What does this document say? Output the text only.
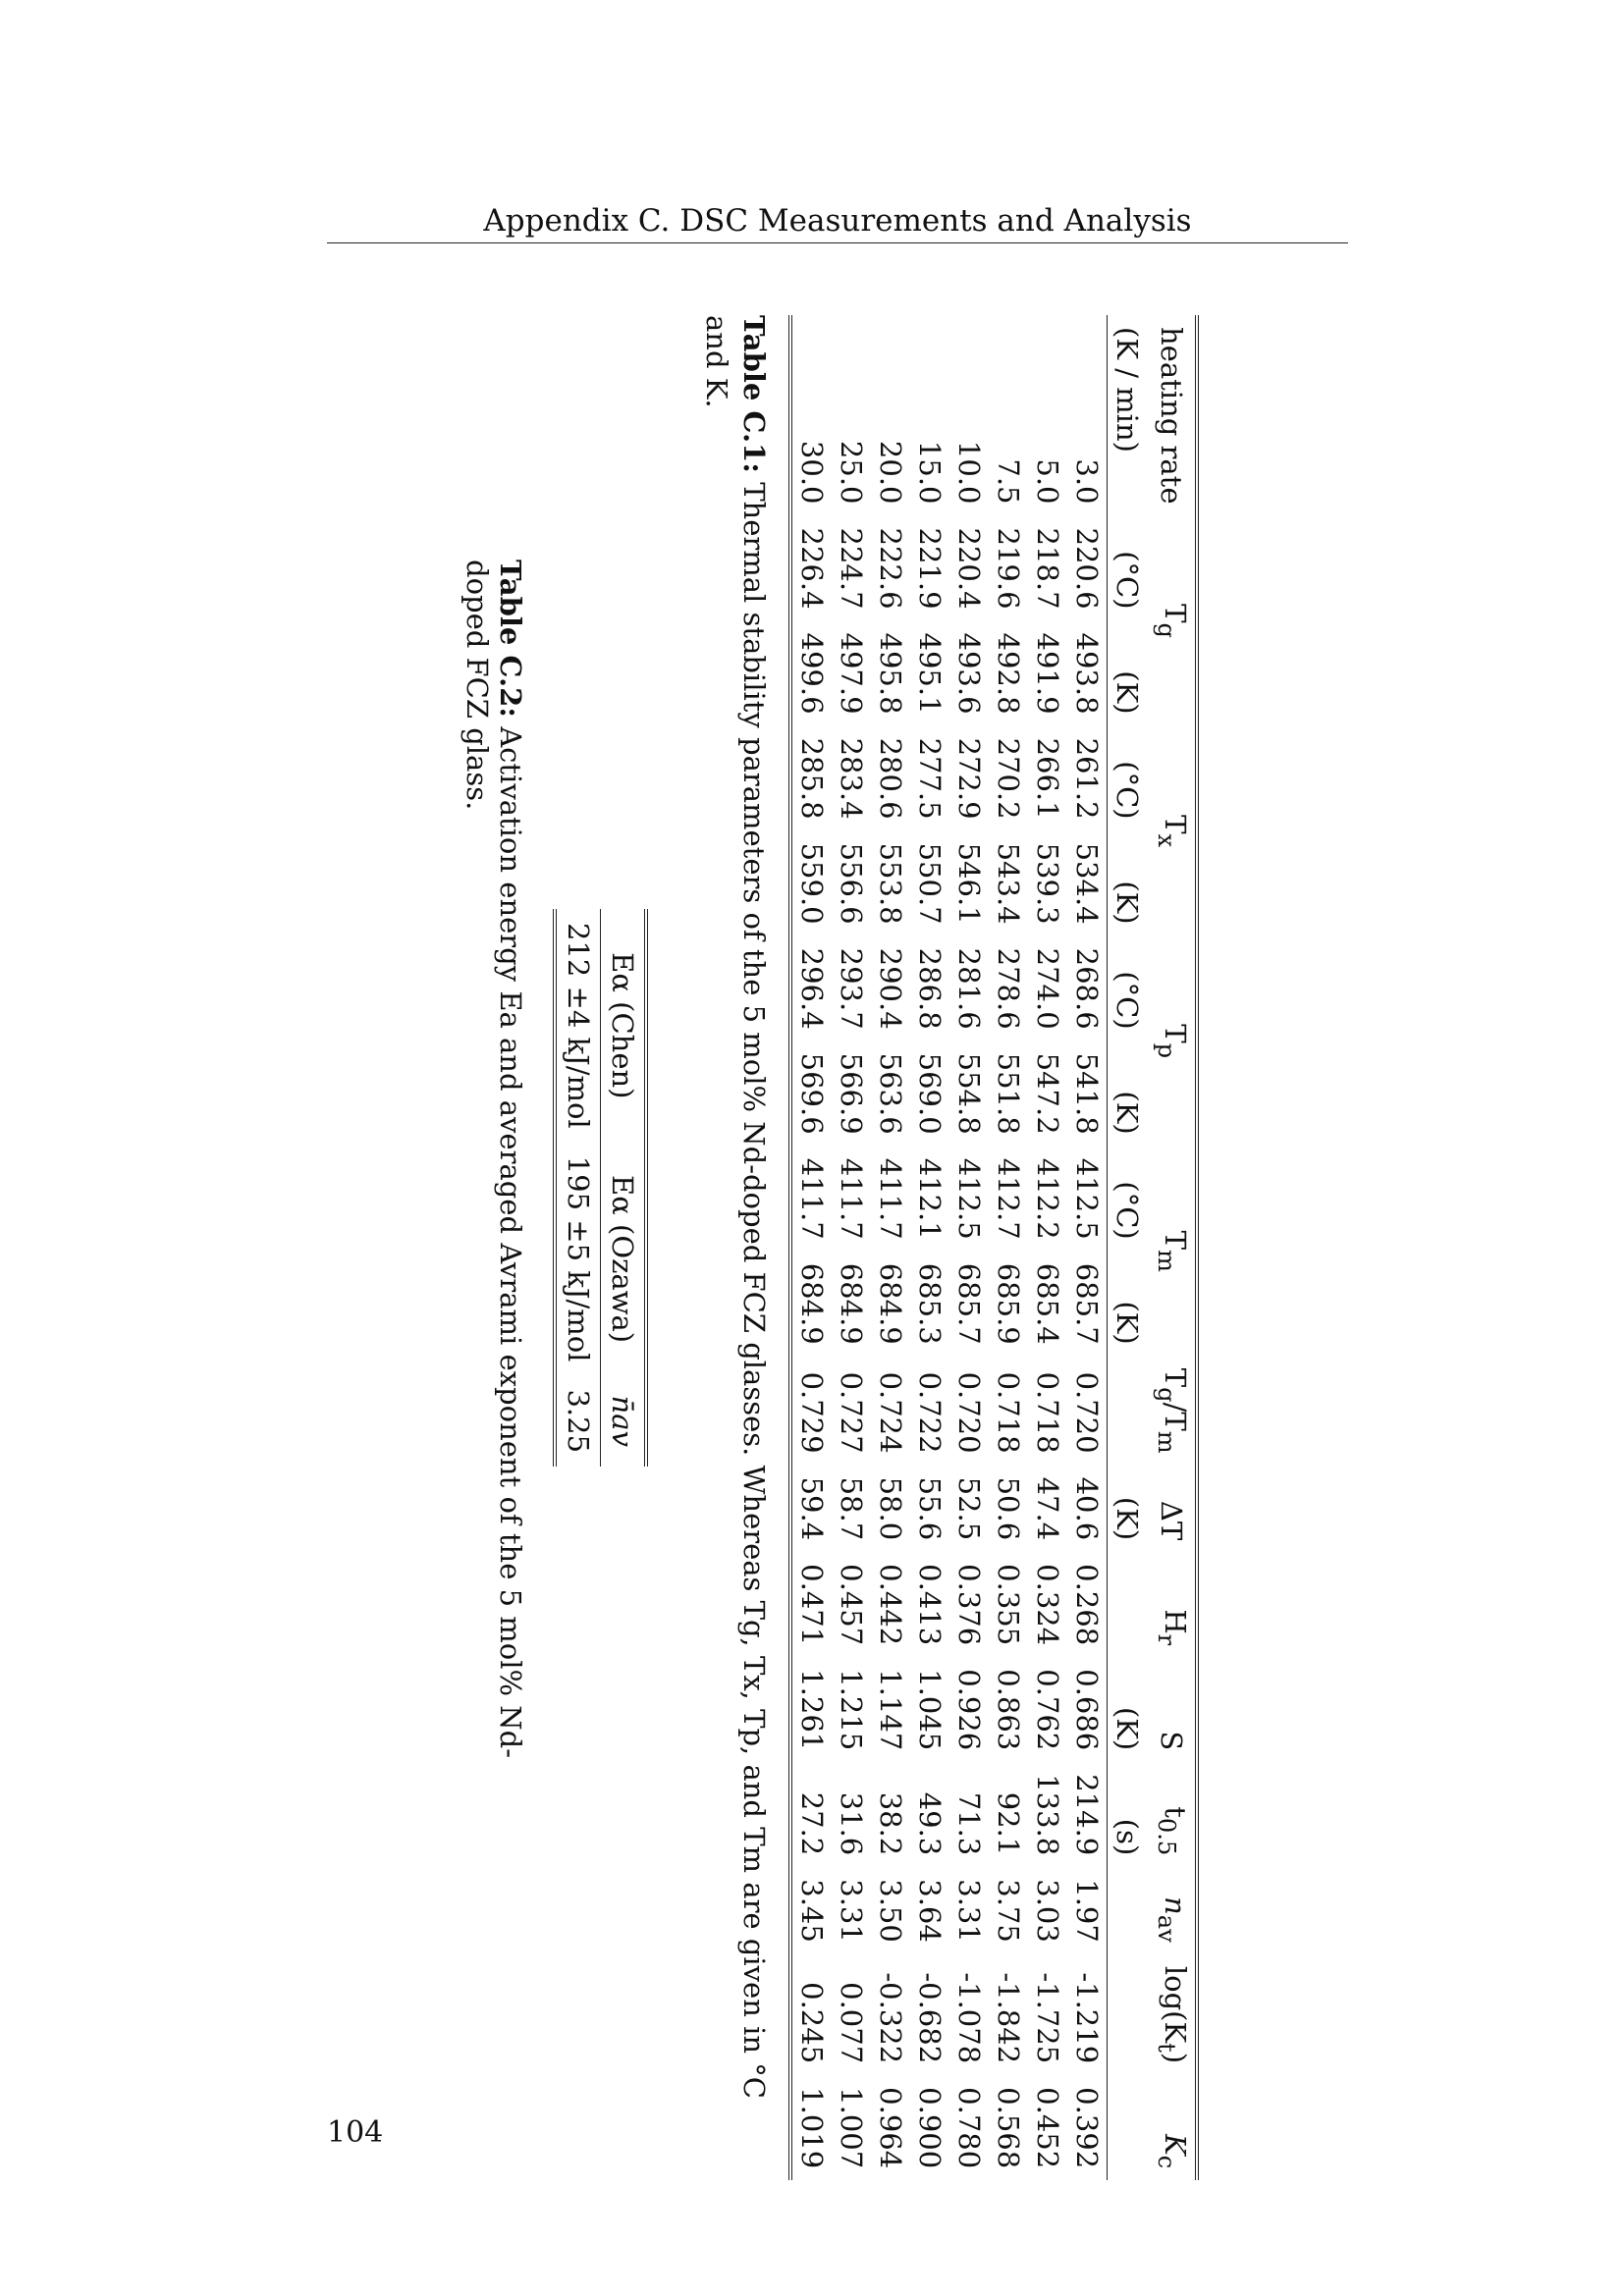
Appendix C. DSC Measurements and Analysis
heating rate	$T_g$		$T_x$		$T_p$		$T_m$		$T_g/T_m$	ΔT	$H_r$	S	$t_{0.5}$	$n_{av}$	$\log(K_t)$	$K_c$
(K / min)	(°C)	(K)	(°C)	(K)	(°C)	(K)	(°C)	(K)		(K)		(K)	(s)			
3.0	220.6	493.8	261.2	534.4	268.6	541.8	412.5	685.7	0.720	40.6	0.268	0.686	214.9	1.97	-1.219	0.392
5.0	218.7	491.9	266.1	539.3	274.0	547.2	412.2	685.4	0.718	47.4	0.324	0.762	133.8	3.03	-1.725	0.452
7.5	219.6	492.8	270.2	543.4	278.6	551.8	412.7	685.9	0.718	50.6	0.355	0.863	92.1	3.75	-1.842	0.568
10.0	220.4	493.6	272.9	546.1	281.6	554.8	412.5	685.7	0.720	52.5	0.376	0.926	71.3	3.31	-1.078	0.780
15.0	221.9	495.1	277.5	550.7	286.8	569.0	412.1	685.3	0.722	55.6	0.413	1.045	49.3	3.64	-0.682	0.900
20.0	222.6	495.8	280.6	553.8	290.4	563.6	411.7	684.9	0.724	58.0	0.442	1.147	38.2	3.50	-0.322	0.964
25.0	224.7	497.9	283.4	556.6	293.7	566.9	411.7	684.9	0.727	58.7	0.457	1.215	31.6	3.31	0.077	1.007
30.0	226.4	499.6	285.8	559.0	296.4	569.6	411.7	684.9	0.729	59.4	0.471	1.261	27.2	3.45	0.245	1.019
Table C.1: Thermal stability parameters of the 5 mol% Nd-doped FCZ glasses. Whereas Tg, Tx, Tp, and Tm are given in °C and K.
Eα (Chen)	Eα (Ozawa)	n̄av
212 ±4 kJ/mol	195 ±5 kJ/mol	3.25
Table C.2: Activation energy Ea and averaged Avrami exponent of the 5 mol% Nd-doped FCZ glass.
104
